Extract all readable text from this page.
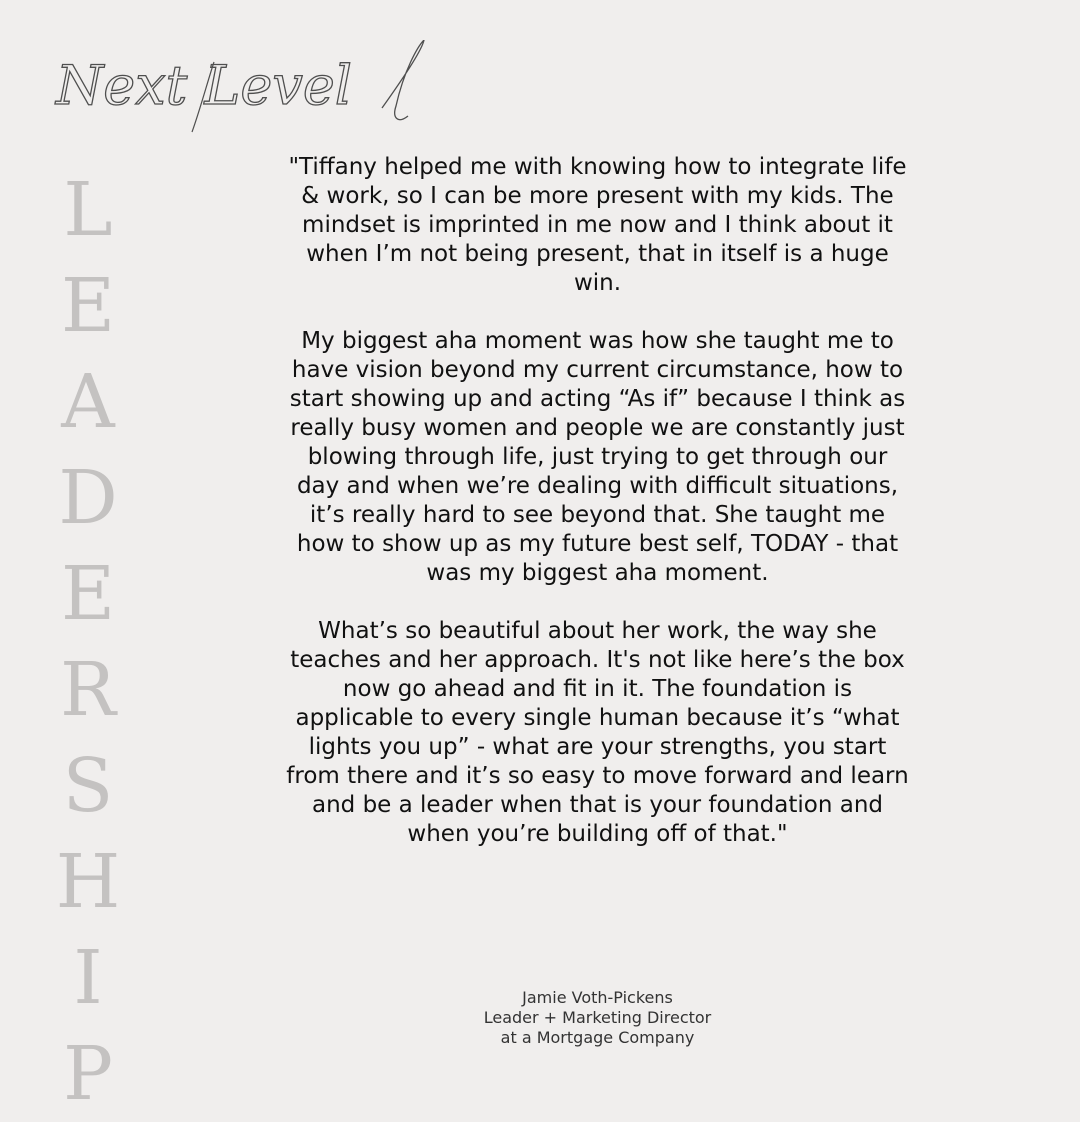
Next Level
L
E
A
D
E
R
S
H
I
P

"Tiffany helped me with knowing how to integrate life & work, so I can be more present with my kids. The mindset is imprinted in me now and I think about it when I’m not being present, that in itself is a huge win.

My biggest aha moment was how she taught me to have vision beyond my current circumstance, how to start showing up and acting “As if” because I think as really busy women and people we are constantly just blowing through life, just trying to get through our day and when we’re dealing with difficult situations, it’s really hard to see beyond that. She taught me how to show up as my future best self, TODAY - that was my biggest aha moment.

What’s so beautiful about her work, the way she teaches and her approach. It's not like here’s the box now go ahead and fit in it. The foundation is applicable to every single human because it’s “what lights you up” - what are your strengths, you start from there and it’s so easy to move forward and learn and be a leader when that is your foundation and when you’re building off of that."

Jamie Voth-Pickens
Leader + Marketing Director
at a Mortgage Company
